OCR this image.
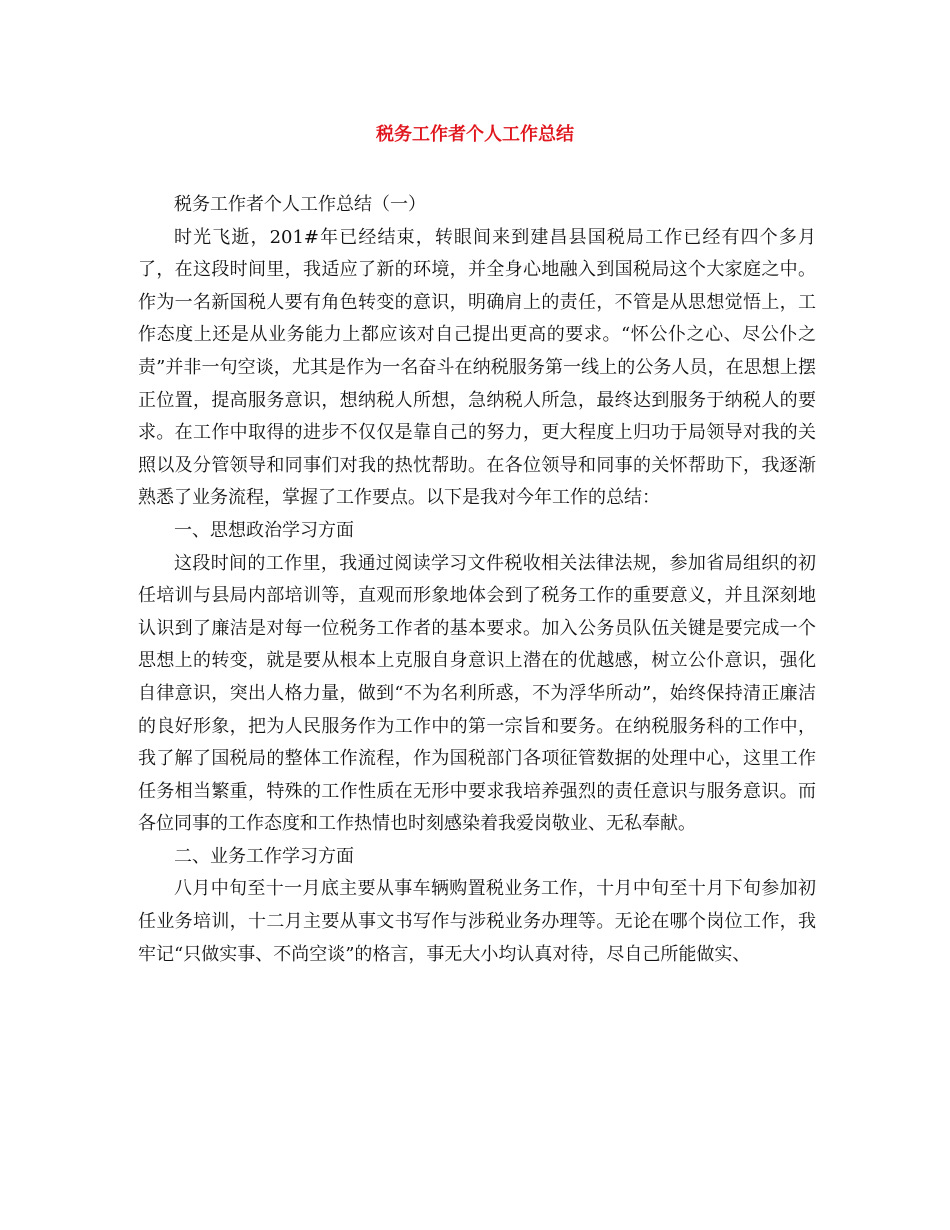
税务工作者个人工作总结

税务工作者个人工作总结（一）

时光飞逝，201#年已经结束，转眼间来到建昌县国税局工作已经有四个多月了，在这段时间里，我适应了新的环境，并全身心地融入到国税局这个大家庭之中。作为一名新国税人要有角色转变的意识，明确肩上的责任，不管是从思想觉悟上，工作态度上还是从业务能力上都应该对自己提出更高的要求。“怀公仆之心、尽公仆之责”并非一句空谈，尤其是作为一名奋斗在纳税服务第一线上的公务人员，在思想上摆正位置，提高服务意识，想纳税人所想，急纳税人所急，最终达到服务于纳税人的要求。在工作中取得的进步不仅仅是靠自己的努力，更大程度上归功于局领导对我的关照以及分管领导和同事们对我的热忱帮助。在各位领导和同事的关怀帮助下，我逐渐熟悉了业务流程，掌握了工作要点。以下是我对今年工作的总结：

一、思想政治学习方面

这段时间的工作里，我通过阅读学习文件税收相关法律法规，参加省局组织的初任培训与县局内部培训等，直观而形象地体会到了税务工作的重要意义，并且深刻地认识到了廉洁是对每一位税务工作者的基本要求。加入公务员队伍关键是要完成一个思想上的转变，就是要从根本上克服自身意识上潜在的优越感，树立公仆意识，强化自律意识，突出人格力量，做到“不为名利所惑，不为浮华所动”，始终保持清正廉洁的良好形象，把为人民服务作为工作中的第一宗旨和要务。在纳税服务科的工作中，我了解了国税局的整体工作流程，作为国税部门各项征管数据的处理中心，这里工作任务相当繁重，特殊的工作性质在无形中要求我培养强烈的责任意识与服务意识。而各位同事的工作态度和工作热情也时刻感染着我爱岗敬业、无私奉献。

二、业务工作学习方面

八月中旬至十一月底主要从事车辆购置税业务工作，十月中旬至十月下旬参加初任业务培训，十二月主要从事文书写作与涉税业务办理等。无论在哪个岗位工作，我牢记“只做实事、不尚空谈”的格言，事无大小均认真对待，尽自己所能做实、
